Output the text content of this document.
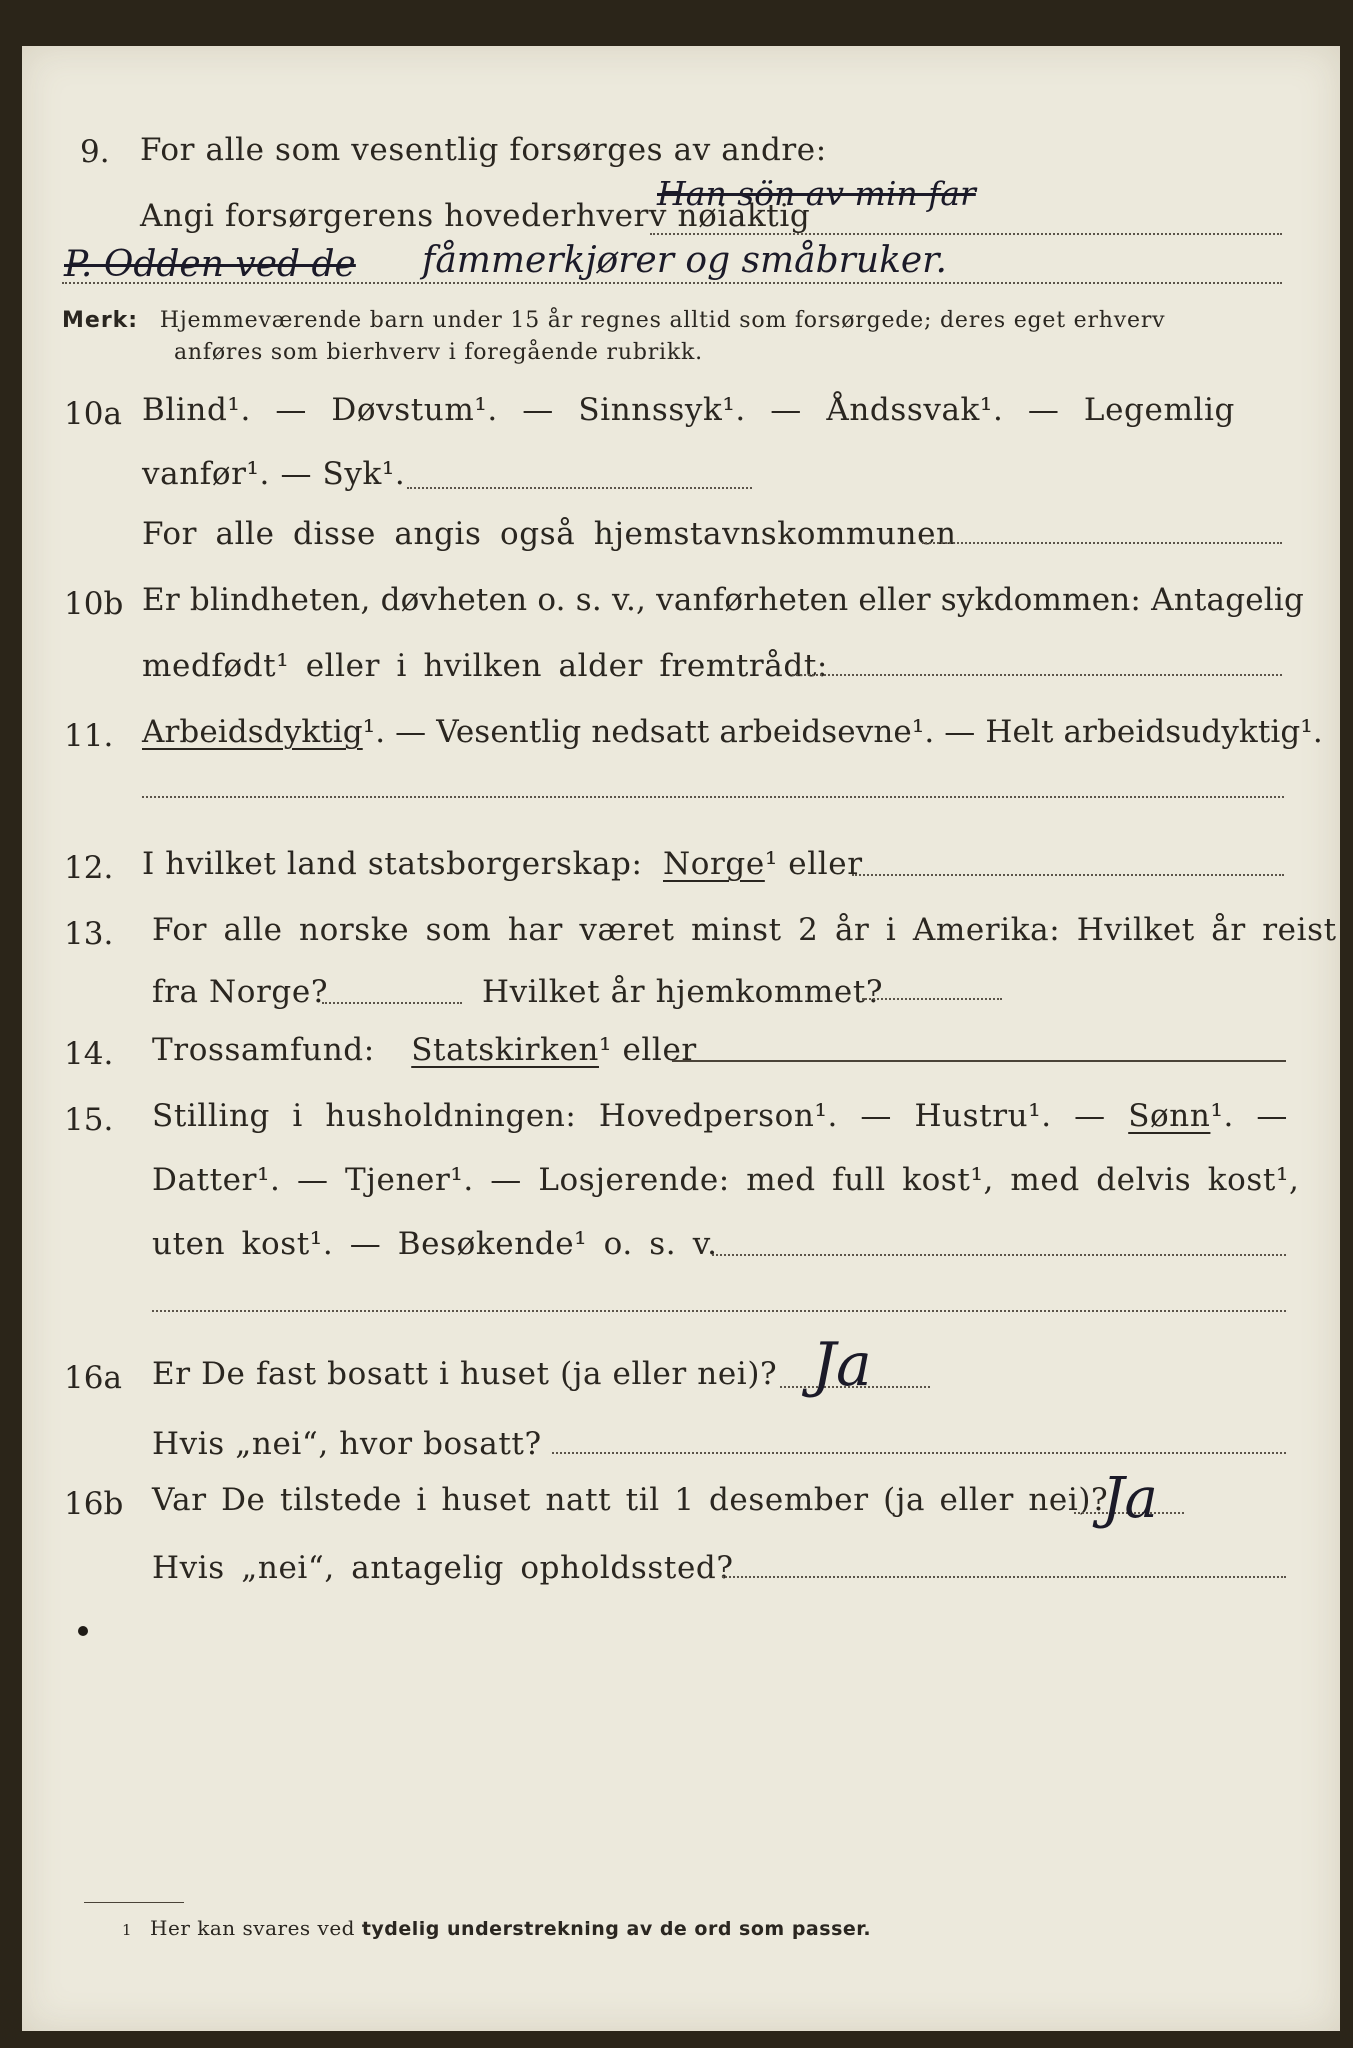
9. For alle som vesentlig forsørges av andre:
Angi forsørgerens hovederhverv nøiaktig
Han sön av min far
P. Odden ved de fåmmerkjører og småbruker.
Merk: Hjemmeværende barn under 15 år regnes alltid som forsørgede; deres eget erhverv
anføres som bierhverv i foregående rubrikk.
10a Blind¹. — Døvstum¹. — Sinnssyk¹. — Åndssvak¹. — Legemlig
vanfør¹. — Syk¹.
For alle disse angis også hjemstavnskommunen
10b Er blindheten, døvheten o. s. v., vanførheten eller sykdommen: Antagelig
medfødt¹ eller i hvilken alder fremtrådt:
11. Arbeidsdyktig¹. — Vesentlig nedsatt arbeidsevne¹. — Helt arbeidsudyktig¹.
12. I hvilket land statsborgerskap: Norge¹ eller
13. For alle norske som har været minst 2 år i Amerika: Hvilket år reist
fra Norge?	Hvilket år hjemkommet?
14. Trossamfund: Statskirken¹ eller
15. Stilling i husholdningen: Hovedperson¹. — Hustru¹. — Sønn¹. —
Datter¹. — Tjener¹. — Losjerende: med full kost¹, med delvis kost¹,
uten kost¹. — Besøkende¹ o. s. v.
16a Er De fast bosatt i huset (ja eller nei)? Ja
Hvis „nei“, hvor bosatt?
16b Var De tilstede i huset natt til 1 desember (ja eller nei)?
Ja
Hvis „nei“, antagelig opholdssted?
1 Her kan svares ved tydelig understrekning av de ord som passer.
